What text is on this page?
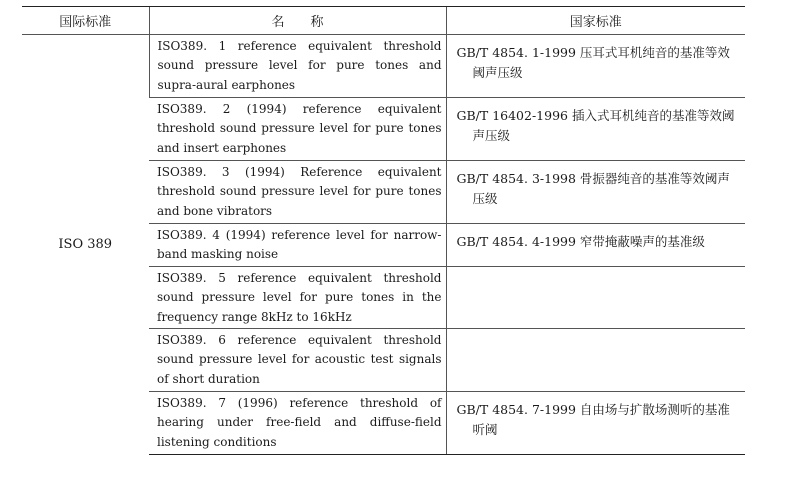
国际标准	名　　称	国家标准
ISO 389	ISO389. 1 reference equivalent threshold sound pressure level for pure tones and supra-aural earphones	GB/T 4854. 1-1999 压耳式耳机纯音的基准等效阈声压级

	ISO389. 2 (1994) reference equivalent threshold sound pressure level for pure tones and insert earphones	GB/T 16402-1996 插入式耳机纯音的基准等效阈声压级

	ISO389. 3 (1994) Reference equivalent threshold sound pressure level for pure tones and bone vibrators	GB/T 4854. 3-1998 骨振器纯音的基准等效阈声压级

	ISO389. 4 (1994) reference level for narrow-band masking noise	GB/T 4854. 4-1999 窄带掩蔽噪声的基准级

	ISO389. 5 reference equivalent threshold sound pressure level for pure tones in the frequency range 8kHz to 16kHz	

	ISO389. 6 reference equivalent threshold sound pressure level for acoustic test signals of short duration	

	ISO389. 7 (1996) reference threshold of hearing under free-field and diffuse-field listening conditions	GB/T 4854. 7-1999 自由场与扩散场测听的基准听阈
